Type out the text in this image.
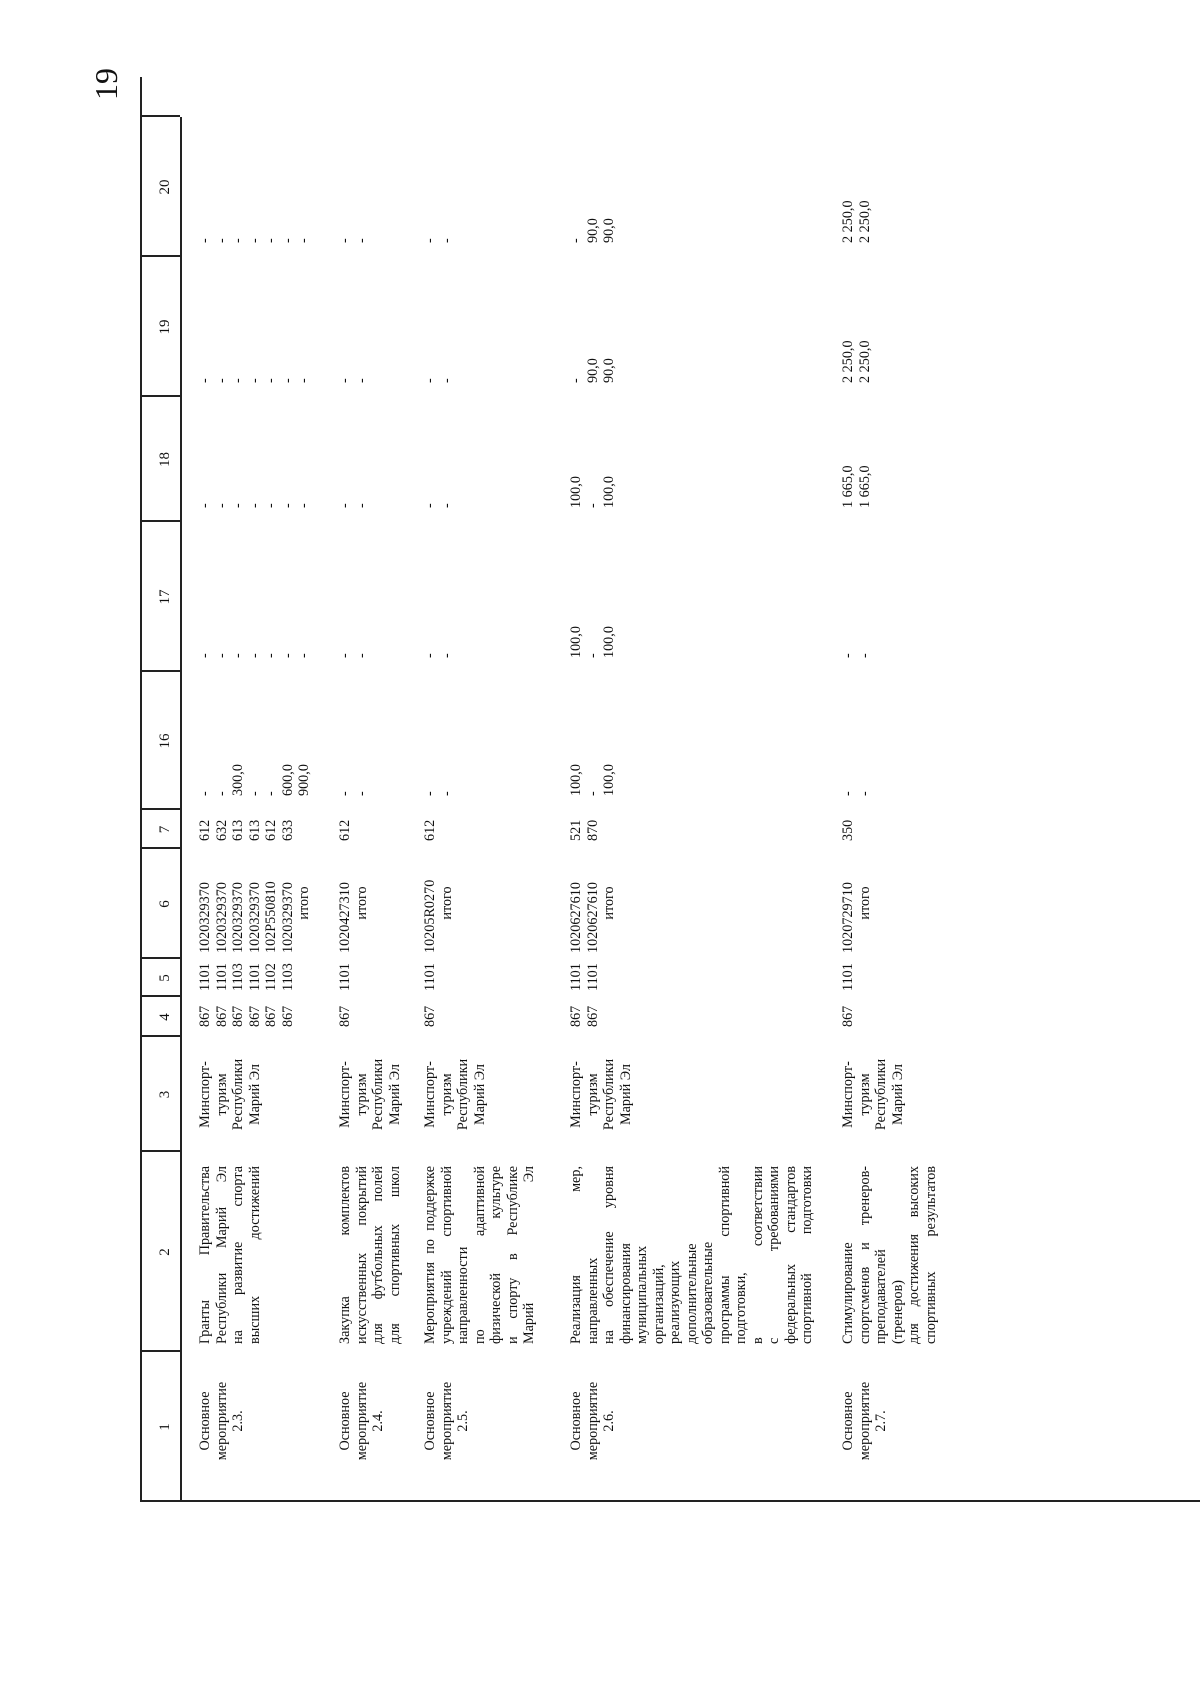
19
1
2
3
4
5
6
7
16
17
18
19
20
Основное мероприятие 2.3.
Гранты Правительства Республики Марий Эл на развитие спорта высших достижений
Минспорт- туризм Республики Марий Эл
867 867 867 867 867 867
1101 1101 1103 1101 1102 1103
1020329370 1020329370 1020329370 1020329370 102P550810 1020329370 итого
612 632 613 613 612 633
- - 300,0 - - 600,0 900,0
- - - - - - -
- - - - - - -
- - - - - - -
- - - - - - -
Основное мероприятие 2.4.
Закупка комплектов искусственных покрытий для футбольных полей для спортивных школ
Минспорт- туризм Республики Марий Эл
867
1101
1020427310 итого
612
- -
- -
- -
- -
- -
Основное мероприятие 2.5.
Мероприятия по поддержке учреждений спортивной направленности по адаптивной физической культуре и спорту в Республике Марий Эл
Минспорт- туризм Республики Марий Эл
867
1101
10205R0270 итого
612
- -
- -
- -
- -
- -
Основное мероприятие 2.6.
Реализация мер, направленных на обеспечение уровня финансирования муниципальных организаций, реализующих дополнительные образовательные программы спортивной подготовки, в соответствии с требованиями федеральных стандартов спортивной подготовки
Минспорт- туризм Республики Марий Эл
867 867
1101 1101
1020627610 1020627610 итого
521 870
100,0 - 100,0
100,0 - 100,0
100,0 - 100,0
- 90,0 90,0
- 90,0 90,0
Основное мероприятие 2.7.
Стимулирование спортсменов и тренеров- преподавателей (тренеров) для достижения высоких спортивных результатов
Минспорт- туризм Республики Марий Эл
867
1101
1020729710 итого
350
- -
- -
1 665,0 1 665,0
2 250,0 2 250,0
2 250,0 2 250,0
